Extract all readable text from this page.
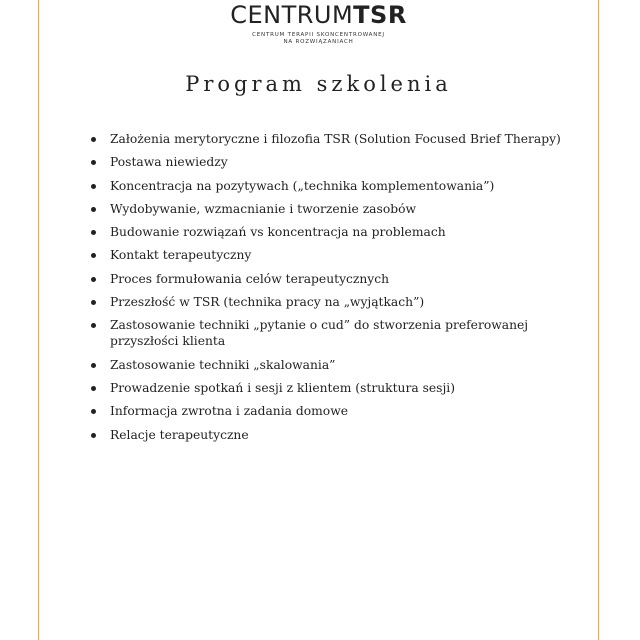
CENTRUMTSR
CENTRUM TERAPII SKONCENTROWANEJ
NA ROZWIĄZANIACH
Program szkolenia
Założenia merytoryczne i filozofia TSR (Solution Focused Brief Therapy)
Postawa niewiedzy
Koncentracja na pozytywach („technika komplementowania”)
Wydobywanie, wzmacnianie i tworzenie zasobów
Budowanie rozwiązań vs koncentracja na problemach
Kontakt terapeutyczny
Proces formułowania celów terapeutycznych
Przeszłość w TSR (technika pracy na „wyjątkach”)
Zastosowanie techniki „pytanie o cud” do stworzenia preferowanej przyszłości klienta
Zastosowanie techniki „skalowania”
Prowadzenie spotkań i sesji z klientem (struktura sesji)
Informacja zwrotna i zadania domowe
Relacje terapeutyczne
